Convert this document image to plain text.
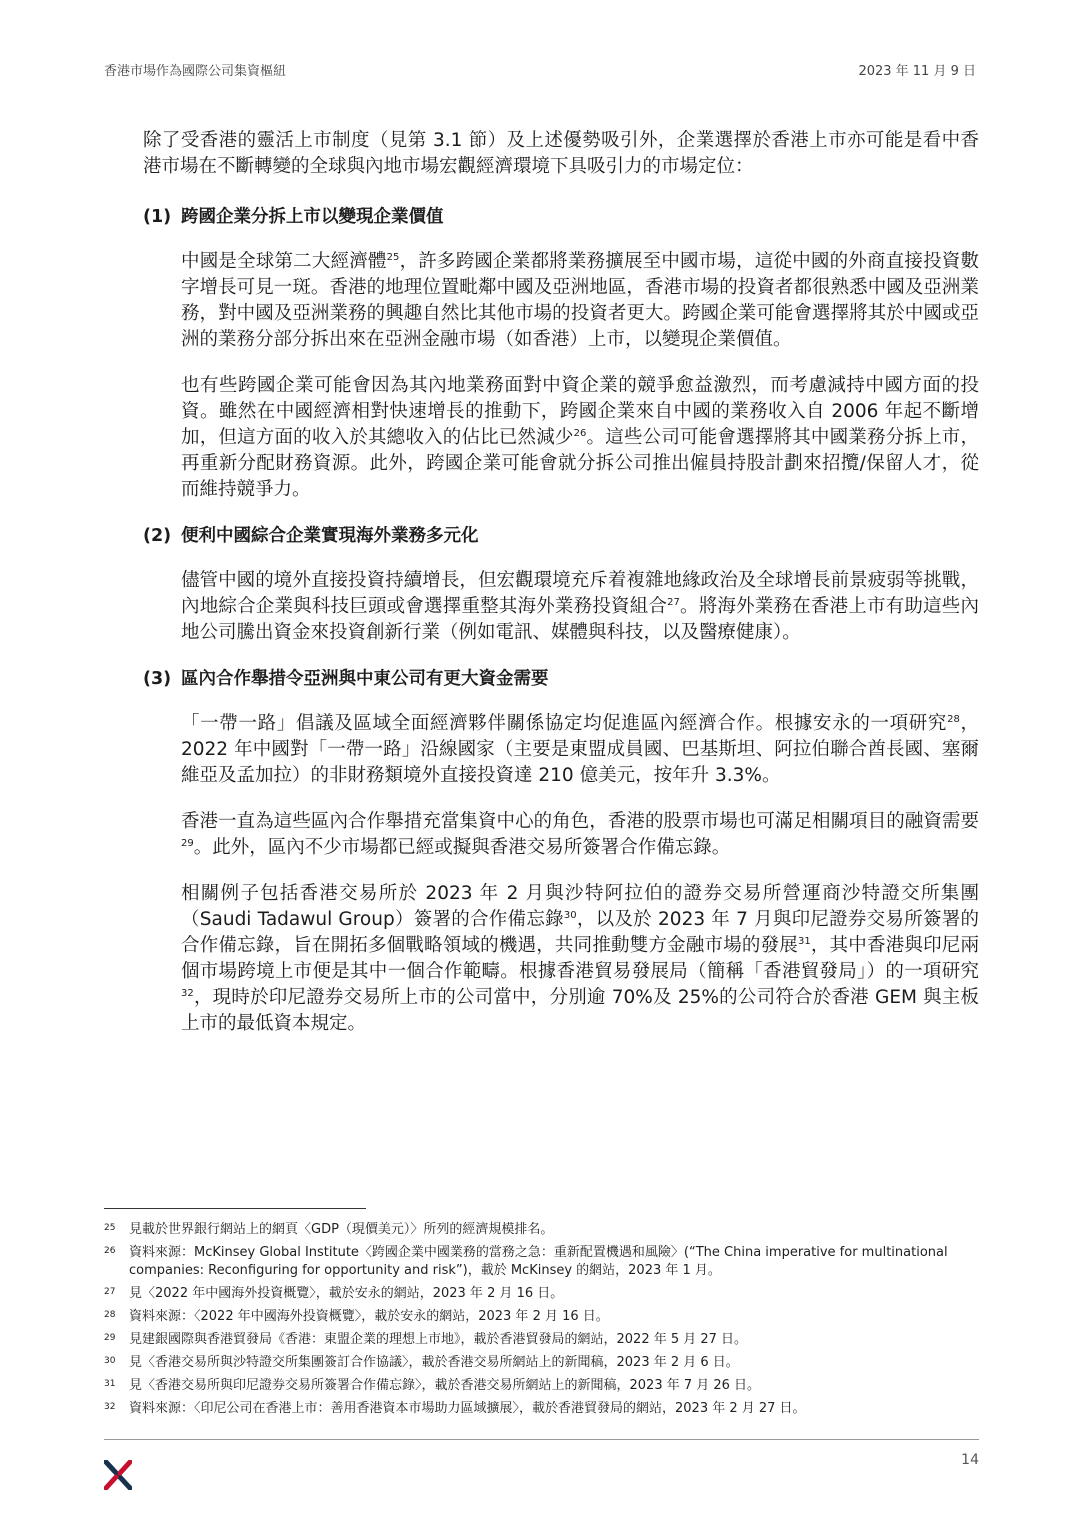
香港市場作為國際公司集資樞紐	2023 年 11 月 9 日

除了受香港的靈活上市制度（見第 3.1 節）及上述優勢吸引外，企業選擇於香港上市亦可能是看中香港市場在不斷轉變的全球與內地市場宏觀經濟環境下具吸引力的市場定位：

(1) 跨國企業分拆上市以變現企業價值

中國是全球第二大經濟體$^{25}$，許多跨國企業都將業務擴展至中國市場，這從中國的外商直接投資數字增長可見一斑。香港的地理位置毗鄰中國及亞洲地區，香港市場的投資者都很熟悉中國及亞洲業務，對中國及亞洲業務的興趣自然比其他市場的投資者更大。跨國企業可能會選擇將其於中國或亞洲的業務分部分拆出來在亞洲金融市場（如香港）上市，以變現企業價值。

也有些跨國企業可能會因為其內地業務面對中資企業的競爭愈益激烈，而考慮減持中國方面的投資。雖然在中國經濟相對快速增長的推動下，跨國企業來自中國的業務收入自 2006 年起不斷增加，但這方面的收入於其總收入的佔比已然減少$^{26}$。這些公司可能會選擇將其中國業務分拆上市，再重新分配財務資源。此外，跨國企業可能會就分拆公司推出僱員持股計劃來招攬/保留人才，從而維持競爭力。

(2) 便利中國綜合企業實現海外業務多元化

儘管中國的境外直接投資持續增長，但宏觀環境充斥着複雜地緣政治及全球增長前景疲弱等挑戰，內地綜合企業與科技巨頭或會選擇重整其海外業務投資組合$^{27}$。將海外業務在香港上市有助這些內地公司騰出資金來投資創新行業（例如電訊、媒體與科技，以及醫療健康）。

(3) 區內合作舉措令亞洲與中東公司有更大資金需要

「一帶一路」倡議及區域全面經濟夥伴關係協定均促進區內經濟合作。根據安永的一項研究$^{28}$，2022 年中國對「一帶一路」沿線國家（主要是東盟成員國、巴基斯坦、阿拉伯聯合酋長國、塞爾維亞及孟加拉）的非財務類境外直接投資達 210 億美元，按年升 3.3%。

香港一直為這些區內合作舉措充當集資中心的角色，香港的股票市場也可滿足相關項目的融資需要$^{29}$。此外，區內不少市場都已經或擬與香港交易所簽署合作備忘錄。

相關例子包括香港交易所於 2023 年 2 月與沙特阿拉伯的證券交易所營運商沙特證交所集團（Saudi Tadawul Group）簽署的合作備忘錄$^{30}$，以及於 2023 年 7 月與印尼證券交易所簽署的合作備忘錄，旨在開拓多個戰略領域的機遇，共同推動雙方金融市場的發展$^{31}$，其中香港與印尼兩個市場跨境上市便是其中一個合作範疇。根據香港貿易發展局（簡稱「香港貿發局」）的一項研究$^{32}$，現時於印尼證券交易所上市的公司當中，分別逾 70%及 25%的公司符合於香港 GEM 與主板上市的最低資本規定。

25 見載於世界銀行網站上的網頁〈GDP（現價美元）〉所列的經濟規模排名。
26 資料來源：McKinsey Global Institute〈跨國企業中國業務的當務之急：重新配置機遇和風險〉(“The China imperative for multinational companies: Reconfiguring for opportunity and risk”)，載於 McKinsey 的網站，2023 年 1 月。
27 見〈2022 年中國海外投資概覽〉，載於安永的網站，2023 年 2 月 16 日。
28 資料來源：〈2022 年中國海外投資概覽〉，載於安永的網站，2023 年 2 月 16 日。
29 見建銀國際與香港貿發局《香港：東盟企業的理想上市地》，載於香港貿發局的網站，2022 年 5 月 27 日。
30 見〈香港交易所與沙特證交所集團簽訂合作協議〉，載於香港交易所網站上的新聞稿，2023 年 2 月 6 日。
31 見〈香港交易所與印尼證券交易所簽署合作備忘錄〉，載於香港交易所網站上的新聞稿，2023 年 7 月 26 日。
32 資料來源：〈印尼公司在香港上市：善用香港資本市場助力區域擴展〉，載於香港貿發局的網站，2023 年 2 月 27 日。
14
